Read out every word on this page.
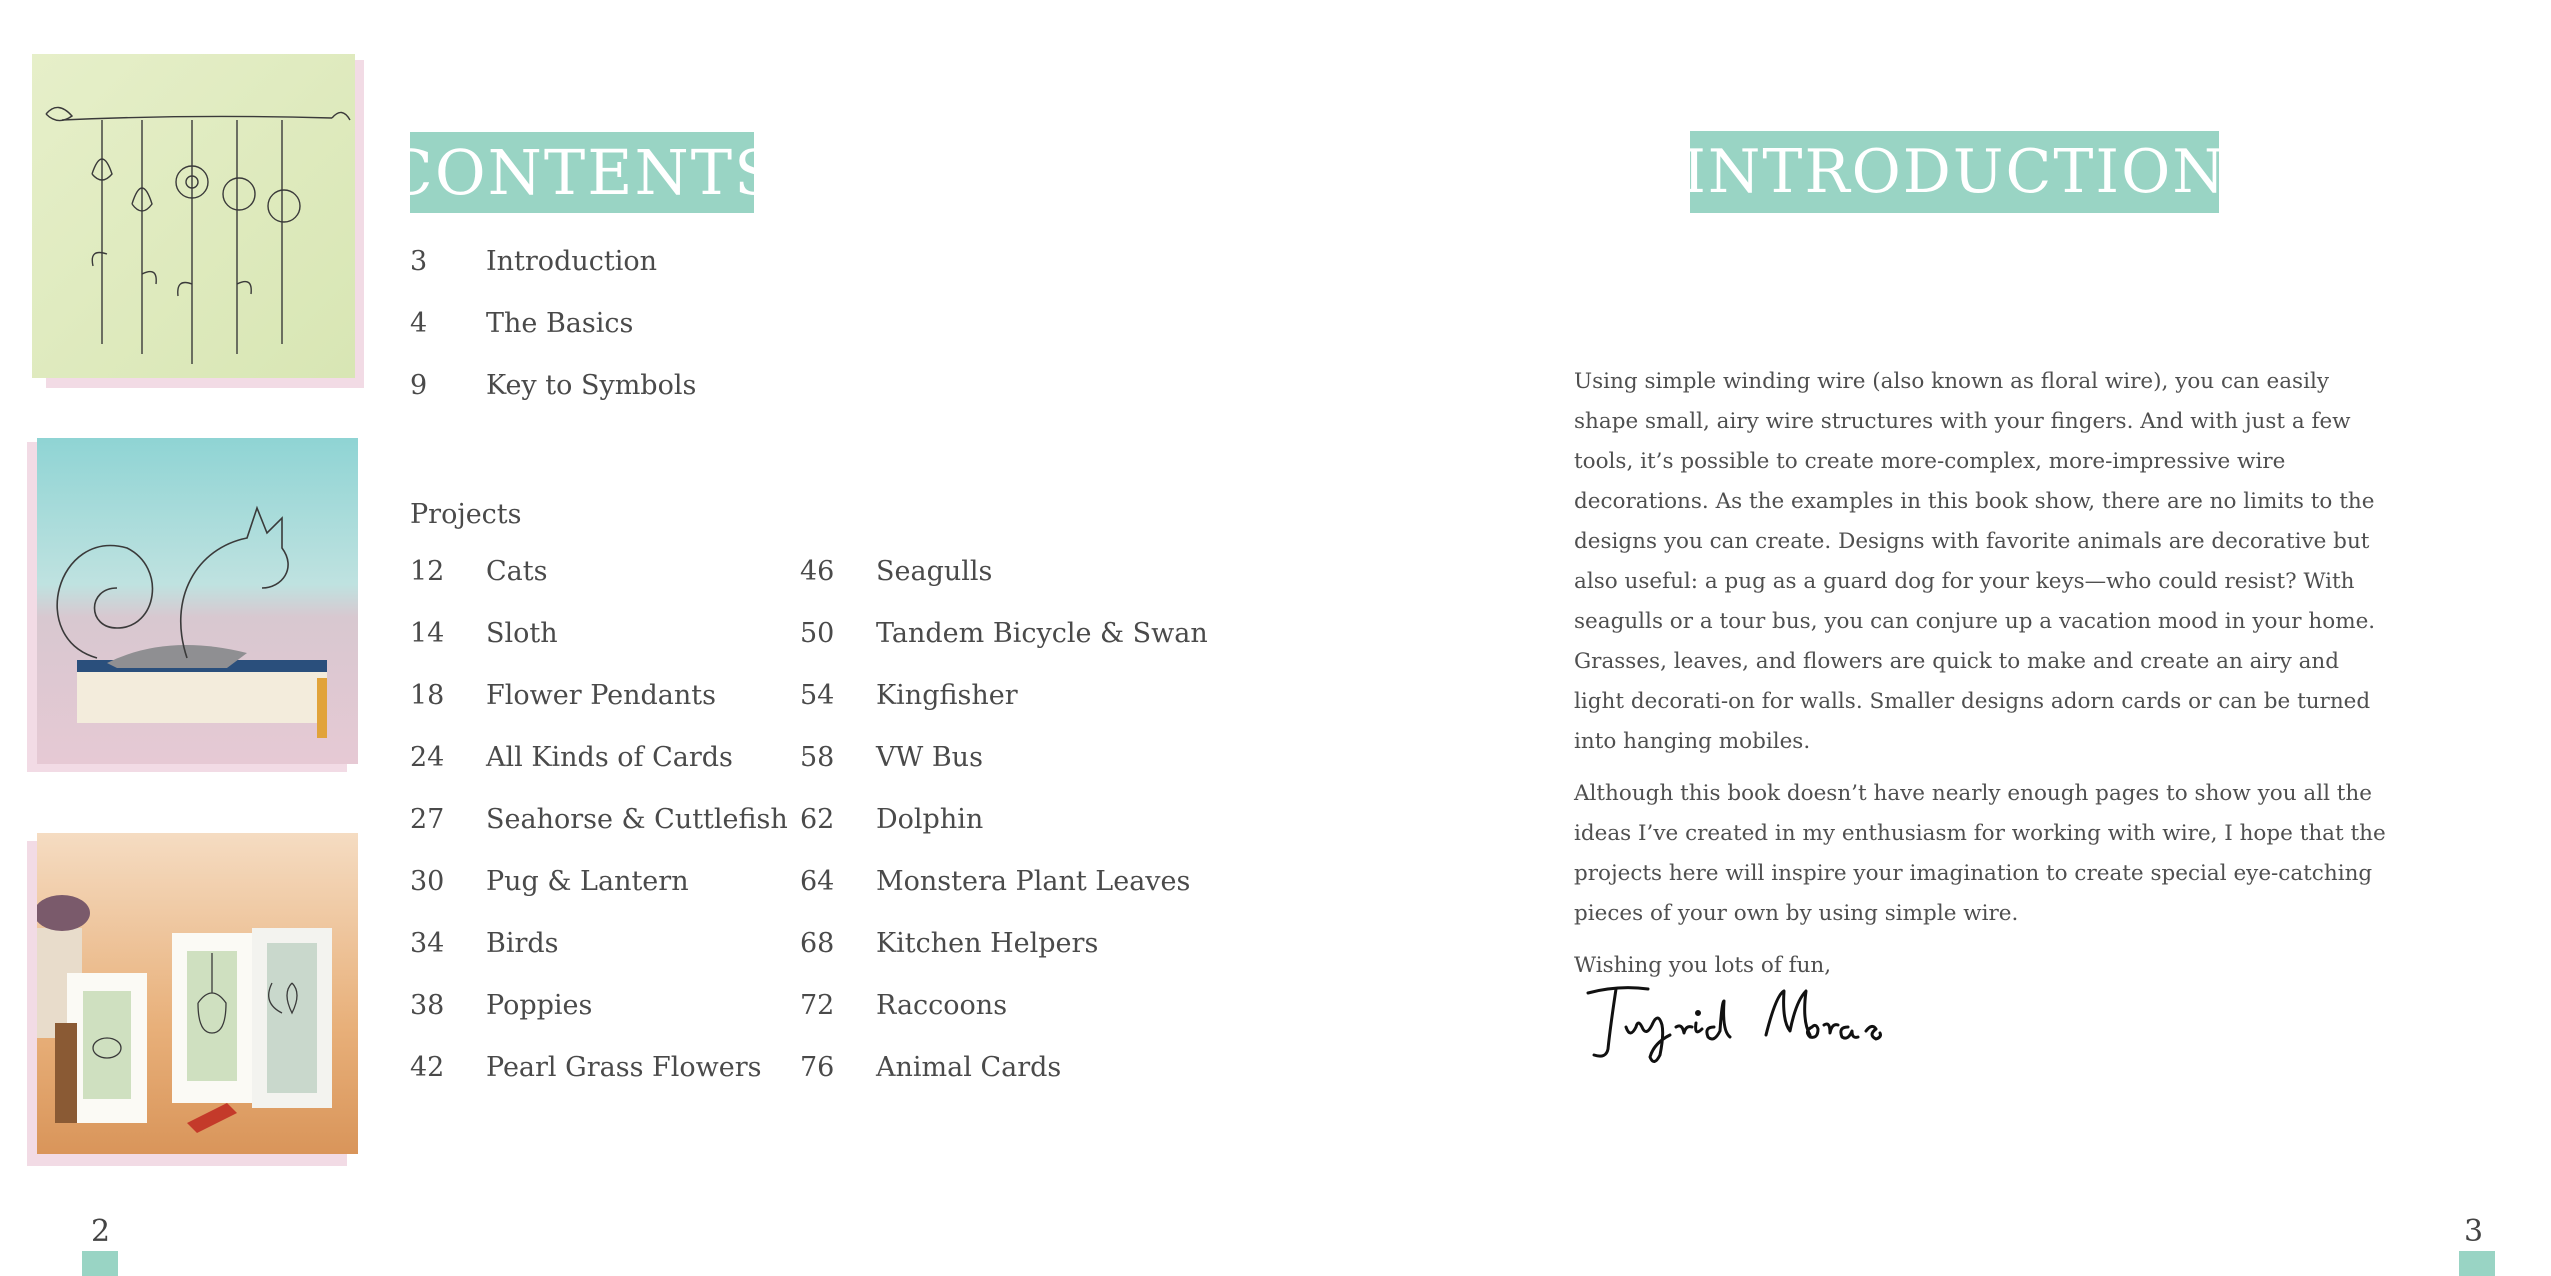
CONTENTS
3 Introduction
4 The Basics
9 Key to Symbols
Projects
12 Cats
14 Sloth
18 Flower Pendants
24 All Kinds of Cards
27 Seahorse & Cuttlefish
30 Pug & Lantern
34 Birds
38 Poppies
42 Pearl Grass Flowers
46 Seagulls
50 Tandem Bicycle & Swan
54 Kingfisher
58 VW Bus
62 Dolphin
64 Monstera Plant Leaves
68 Kitchen Helpers
72 Raccoons
76 Animal Cards
2
INTRODUCTION

Using simple winding wire (also known as floral wire), you can easily shape small, airy wire structures with your fingers. And with just a few tools, it’s possible to create more-complex, more-impressive wire decorations. As the examples in this book show, there are no limits to the designs you can create. Designs with favorite animals are decorative but also useful: a pug as a guard dog for your keys—who could resist? With seagulls or a tour bus, you can conjure up a vacation mood in your home. Grasses, leaves, and flowers are quick to make and create an airy and light decorati-on for walls. Smaller designs adorn cards or can be turned into hanging mobiles.

Although this book doesn’t have nearly enough pages to show you all the ideas I’ve created in my enthusiasm for working with wire, I hope that the projects here will inspire your imagination to create special eye-catching pieces of your own by using simple wire.

Wishing you lots of fun,

3
